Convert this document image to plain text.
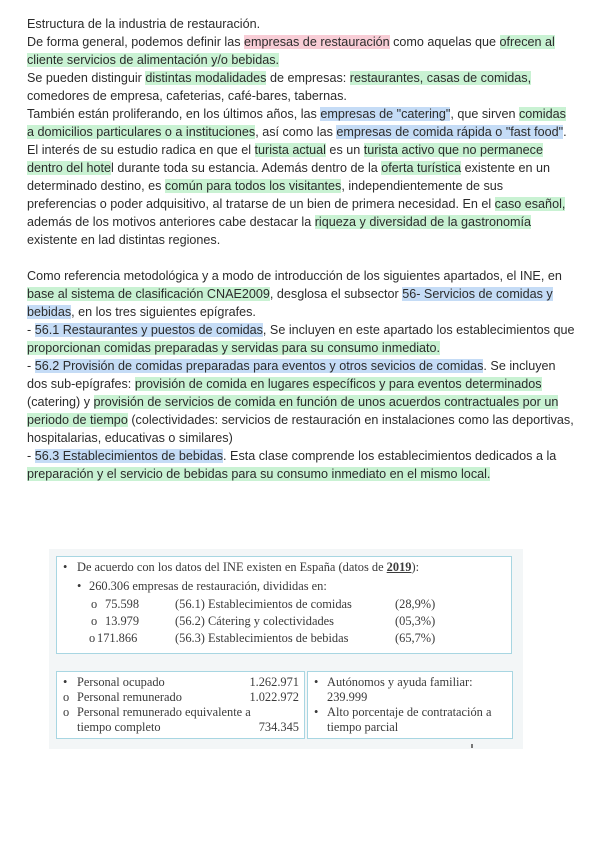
Estructura de la industria de restauración.

De forma general, podemos definir las empresas de restauración como aquelas que ofrecen al cliente servicios de alimentación y/o bebidas.

Se pueden distinguir distintas modalidades de empresas: restaurantes, casas de comidas, comedores de empresa, cafeterias, café-bares, tabernas.

También están proliferando, en los últimos años, las empresas de "catering", que sirven comidas a domicilios particulares o a instituciones, así como las empresas de comida rápida o "fast food".

El interés de su estudio radica en que el turista actual es un turista activo que no permanece dentro del hotel durante toda su estancia. Además dentro de la oferta turística existente en un determinado destino, es común para todos los visitantes, independientemente de sus preferencias o poder adquisitivo, al tratarse de un bien de primera necesidad. En el caso esañol, además de los motivos anteriores cabe destacar la riqueza y diversidad de la gastronomía existente en lad distintas regiones.

Como referencia metodológica y a modo de introducción de los siguientes apartados, el INE, en base al sistema de clasificación CNAE2009, desglosa el subsector 56- Servicios de comidas y bebidas, en los tres siguientes epígrafes.

- 56.1 Restaurantes y puestos de comidas, Se incluyen en este apartado los establecimientos que proporcionan comidas preparadas y servidas para su consumo inmediato.

- 56.2 Provisión de comidas preparadas para eventos y otros sevicios de comidas. Se incluyen dos sub-epígrafes: provisión de comida en lugares específicos y para eventos determinados (catering) y provisión de servicios de comida en función de unos acuerdos contractuales por un periodo de tiempo (colectividades: servicios de restauración en instalaciones como las deportivas, hospitalarias, educativas o similares)

- 56.3 Establecimientos de bebidas. Esta clase comprende los establecimientos dedicados a la preparación y el servicio de bebidas para su consumo inmediato en el mismo local.

• De acuerdo con los datos del INE existen en España (datos de 2019):
• 260.306 empresas de restauración, divididas en:
o 75.598	(56.1) Establecimientos de comidas	(28,9%)
o 13.979	(56.2) Cátering y colectividades	(05,3%)
o 171.866	(56.3) Establecimientos de bebidas	(65,7%)
• Personal ocupado	1.262.971
o Personal remunerado	1.022.972
o Personal remunerado equivalente a
tiempo completo	734.345
• Autónomos y ayuda familiar:
239.999
• Alto porcentaje de contratación a
tiempo parcial
